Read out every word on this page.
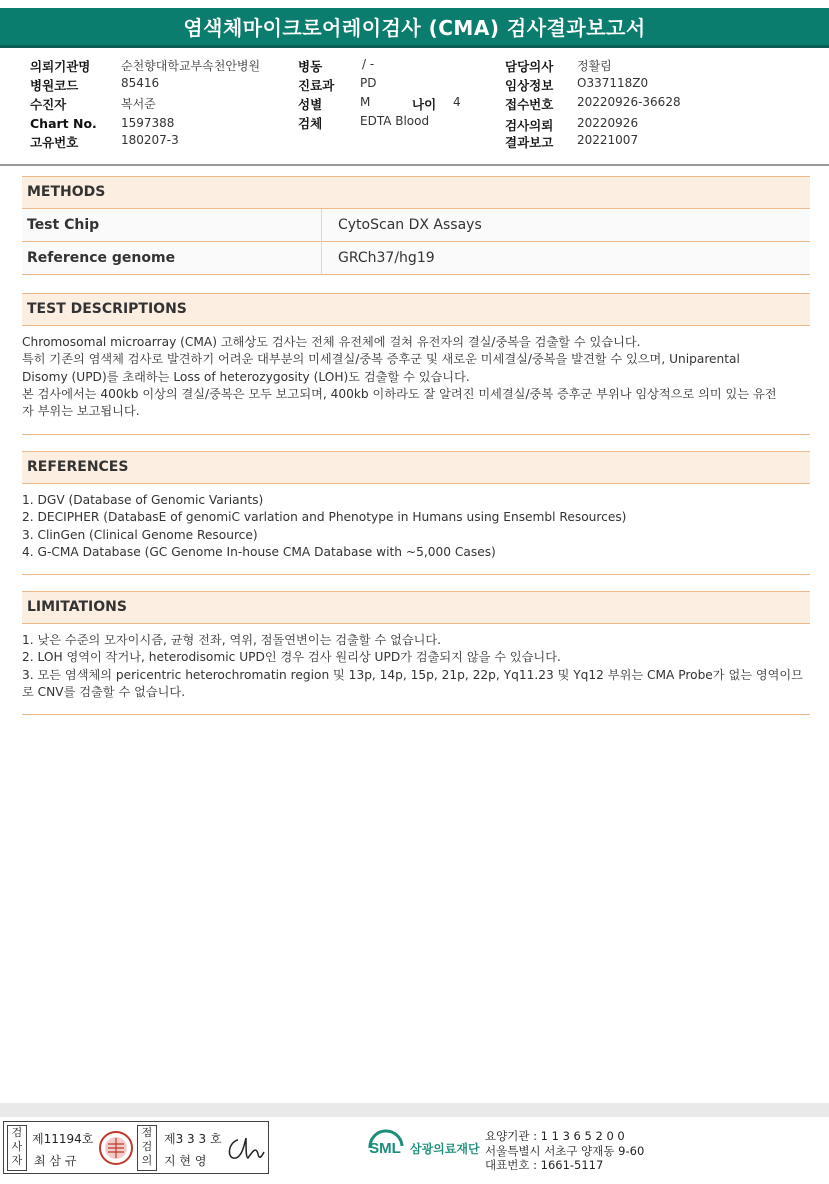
염색체마이크로어레이검사 (CMA) 검사결과보고서
의뢰기관명	순천향대학교부속천안병원
병원코드	85416
수진자	복서준
Chart No. 1597388
고유번호	180207-3
병동	/ -
진료과 PD
성별	M	나이 4
검체	EDTA Blood
담당의사 정활림
임상정보 O337118Z0
접수번호 20220926-36628
검사의뢰 20220926
결과보고 20221007
METHODS
Test Chip	CytoScan DX Assays
Reference genome	GRCh37/hg19
TEST DESCRIPTIONS

Chromosomal microarray (CMA) 고해상도 검사는 전체 유전체에 걸쳐 유전자의 결실/중복을 검출할 수 있습니다.

특히 기존의 염색체 검사로 발견하기 어려운 대부분의 미세결실/중복 증후군 및 새로운 미세결실/중복을 발견할 수 있으며, Uniparental

Disomy (UPD)를 초래하는 Loss of heterozygosity (LOH)도 검출할 수 있습니다.

본 검사에서는 400kb 이상의 결실/중복은 모두 보고되며, 400kb 이하라도 잘 알려진 미세결실/중복 증후군 부위나 임상적으로 의미 있는 유전

자 부위는 보고됩니다.

REFERENCES

1. DGV (Database of Genomic Variants)

2. DECIPHER (DatabasE of genomiC varlation and Phenotype in Humans using Ensembl Resources)

3. ClinGen (Clinical Genome Resource)

4. G-CMA Database (GC Genome In-house CMA Database with ~5,000 Cases)

LIMITATIONS

1. 낮은 수준의 모자이시즘, 균형 전좌, 역위, 점돌연변이는 검출할 수 없습니다.

2. LOH 영역이 작거나, heterodisomic UPD인 경우 검사 원리상 UPD가 검출되지 않을 수 있습니다.

3. 모든 염색체의 pericentric heterochromatin region 및 13p, 14p, 15p, 21p, 22p, Yq11.23 및 Yq12 부위는 CMA Probe가 없는 영역이므

로 CNV를 검출할 수 없습니다.

검사자
제11194호
최 삼 규
점검의
제3 3 3 호
지 현 영
SML 삼광의료재단
요양기관 : 1 1 3 6 5 2 0 0
서울특별시 서초구 양재동 9-60
대표번호 : 1661-5117
